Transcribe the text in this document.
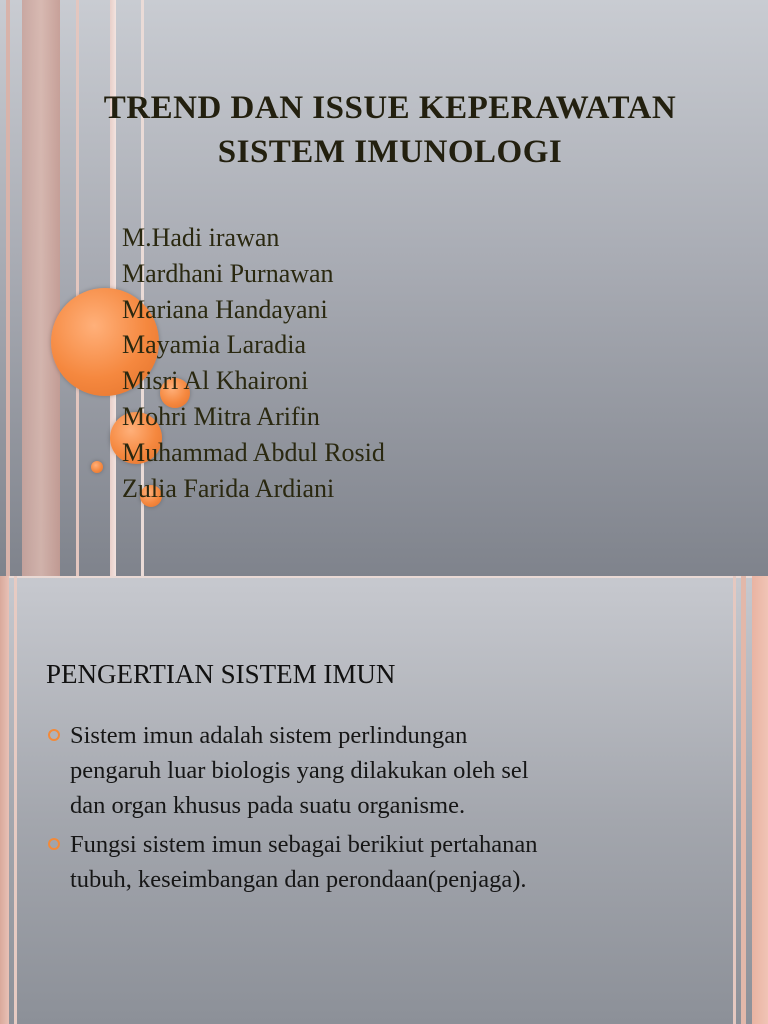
TREND DAN ISSUE KEPERAWATAN
SISTEM IMUNOLOGI
M.Hadi irawan
Mardhani Purnawan
Mariana Handayani
Mayamia Laradia
Misri Al Khaironi
Mohri Mitra Arifin
Muhammad Abdul Rosid
Zulia Farida Ardiani
PENGERTIAN SISTEM IMUN
Sistem imun adalah sistem perlindungan
pengaruh luar biologis yang dilakukan oleh sel
dan organ khusus pada suatu organisme.
Fungsi sistem imun sebagai berikiut pertahanan
tubuh, keseimbangan dan perondaan(penjaga).
